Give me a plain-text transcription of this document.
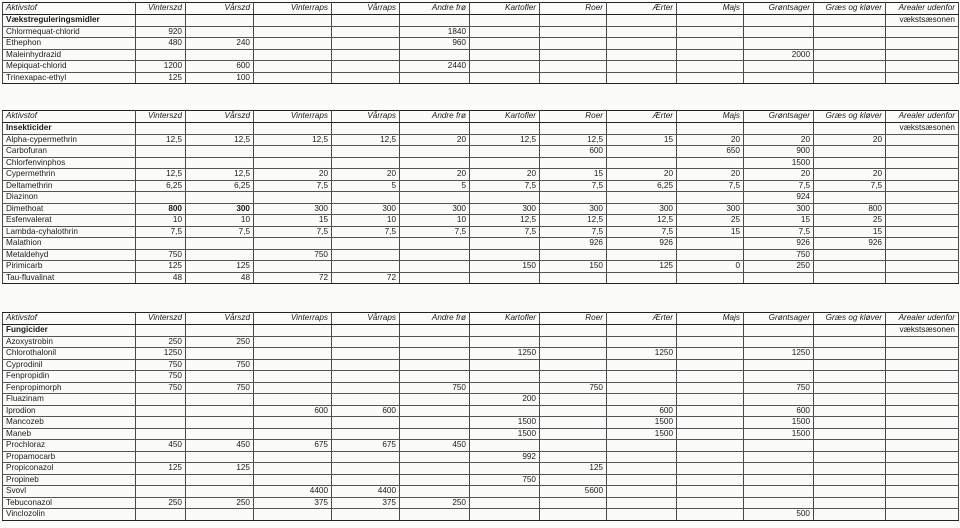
Aktivstof	Vinterszd	Vårszd	Vinterraps	Vårraps	Andre frø	Kartofler	Roer	Ærter	Majs	Grøntsager	Græs og kløver	Arealer udenfor
Vækstreguleringsmidler												vækstsæsonen
Chlormequat-chlorid	920				1840							
Ethephon	480	240			960							
Maleinhydrazid										2000		
Mepiquat-chlorid	1200	600			2440							
Trinexapac-ethyl	125	100										
Aktivstof	Vinterszd	Vårszd	Vinterraps	Vårraps	Andre frø	Kartofler	Roer	Ærter	Majs	Grøntsager	Græs og kløver	Arealer udenfor
Insekticider												vækstsæsonen
Alpha-cypermethrin	12,5	12,5	12,5	12,5	20	12,5	12,5	15	20	20	20	
Carbofuran							600		650	900		
Chlorfenvinphos										1500		
Cypermethrin	12,5	12,5	20	20	20	20	15	20	20	20	20	
Deltamethrin	6,25	6,25	7,5	5	5	7,5	7,5	6,25	7,5	7,5	7,5	
Diazinon										924		
Dimethoat	800	300	300	300	300	300	300	300	300	300	800	
Esfenvalerat	10	10	15	10	10	12,5	12,5	12,5	25	15	25	
Lambda-cyhalothrin	7,5	7,5	7,5	7,5	7,5	7,5	7,5	7,5	15	7,5	15	
Malathion							926	926		926	926	
Metaldehyd	750		750							750		
Pirimicarb	125	125				150	150	125	0	250		
Tau-fluvalinat	48	48	72	72								
Aktivstof	Vinterszd	Vårszd	Vinterraps	Vårraps	Andre frø	Kartofler	Roer	Ærter	Majs	Grøntsager	Græs og kløver	Arealer udenfor
Fungicider												vækstsæsonen
Azoxystrobin	250	250										
Chlorothalonil	1250					1250		1250		1250		
Cyprodinil	750	750										
Fenpropidin	750											
Fenpropimorph	750	750			750		750			750		
Fluazinam						200						
Iprodion			600	600				600		600		
Mancozeb						1500		1500		1500		
Maneb						1500		1500		1500		
Prochloraz	450	450	675	675	450							
Propamocarb						992						
Propiconazol	125	125					125					
Propineb						750						
Svovl			4400	4400			5600					
Tebuconazol	250	250	375	375	250							
Vinclozolin										500		
